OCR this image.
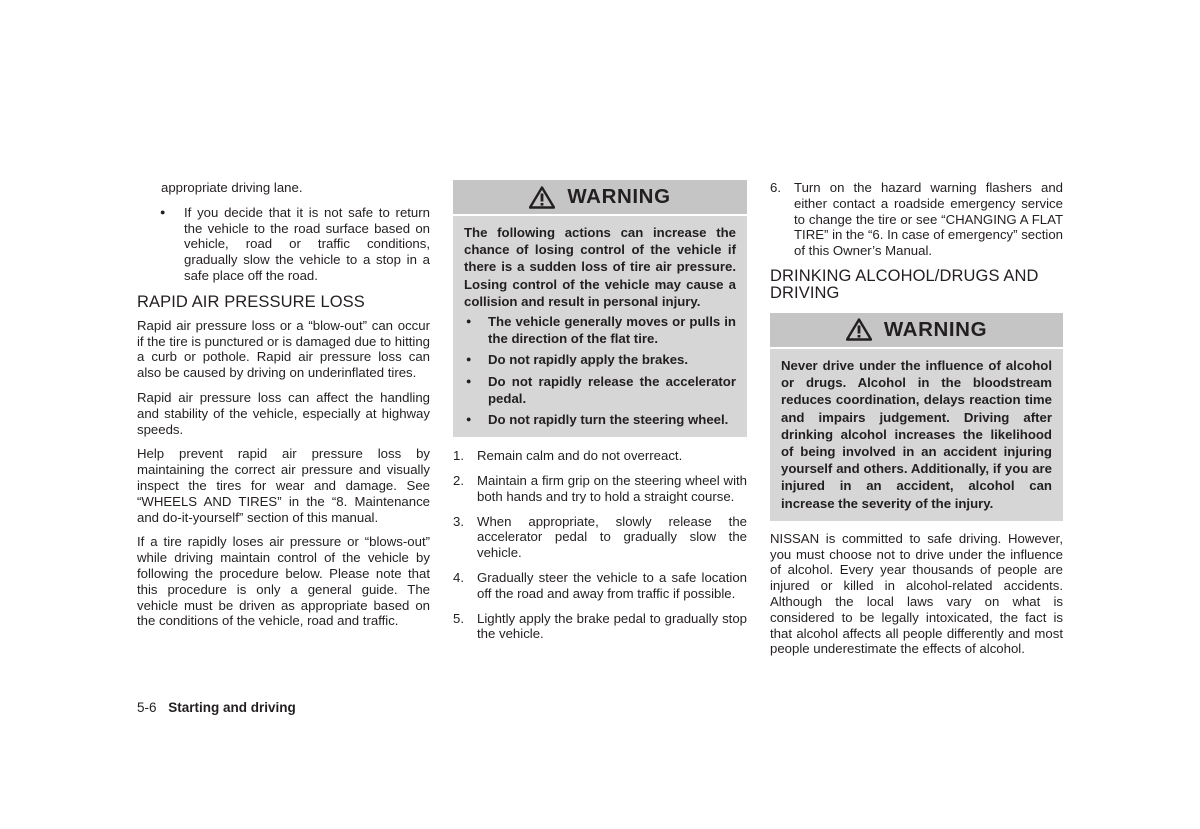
appropriate driving lane.

● If you decide that it is not safe to return the vehicle to the road surface based on vehicle, road or traffic conditions, gradually slow the vehicle to a stop in a safe place off the road.
RAPID AIR PRESSURE LOSS

Rapid air pressure loss or a “blow-out” can occur if the tire is punctured or is damaged due to hitting a curb or pothole. Rapid air pressure loss can also be caused by driving on underinflated tires.

Rapid air pressure loss can affect the handling and stability of the vehicle, especially at highway speeds.

Help prevent rapid air pressure loss by maintaining the correct air pressure and visually inspect the tires for wear and damage. See “WHEELS AND TIRES” in the “8. Maintenance and do-it-yourself” section of this manual.

If a tire rapidly loses air pressure or “blows-out” while driving maintain control of the vehicle by following the procedure below. Please note that this procedure is only a general guide. The vehicle must be driven as appropriate based on the conditions of the vehicle, road and traffic.

WARNING

The following actions can increase the chance of losing control of the vehicle if there is a sudden loss of tire air pressure. Losing control of the vehicle may cause a collision and result in personal injury.

● The vehicle generally moves or pulls in the direction of the flat tire.
● Do not rapidly apply the brakes.
● Do not rapidly release the accelerator pedal.
● Do not rapidly turn the steering wheel.
1. Remain calm and do not overreact.
2. Maintain a firm grip on the steering wheel with both hands and try to hold a straight course.
3. When appropriate, slowly release the accelerator pedal to gradually slow the vehicle.
4. Gradually steer the vehicle to a safe location off the road and away from traffic if possible.
5. Lightly apply the brake pedal to gradually stop the vehicle.
6. Turn on the hazard warning flashers and either contact a roadside emergency service to change the tire or see “CHANGING A FLAT TIRE” in the “6. In case of emergency” section of this Owner’s Manual.
DRINKING ALCOHOL/DRUGS AND DRIVING
WARNING

Never drive under the influence of alcohol or drugs. Alcohol in the bloodstream reduces coordination, delays reaction time and impairs judgement. Driving after drinking alcohol increases the likelihood of being involved in an accident injuring yourself and others. Additionally, if you are injured in an accident, alcohol can increase the severity of the injury.

NISSAN is committed to safe driving. However, you must choose not to drive under the influence of alcohol. Every year thousands of people are injured or killed in alcohol-related accidents. Although the local laws vary on what is considered to be legally intoxicated, the fact is that alcohol affects all people differently and most people underestimate the effects of alcohol.

5-6 Starting and driving
